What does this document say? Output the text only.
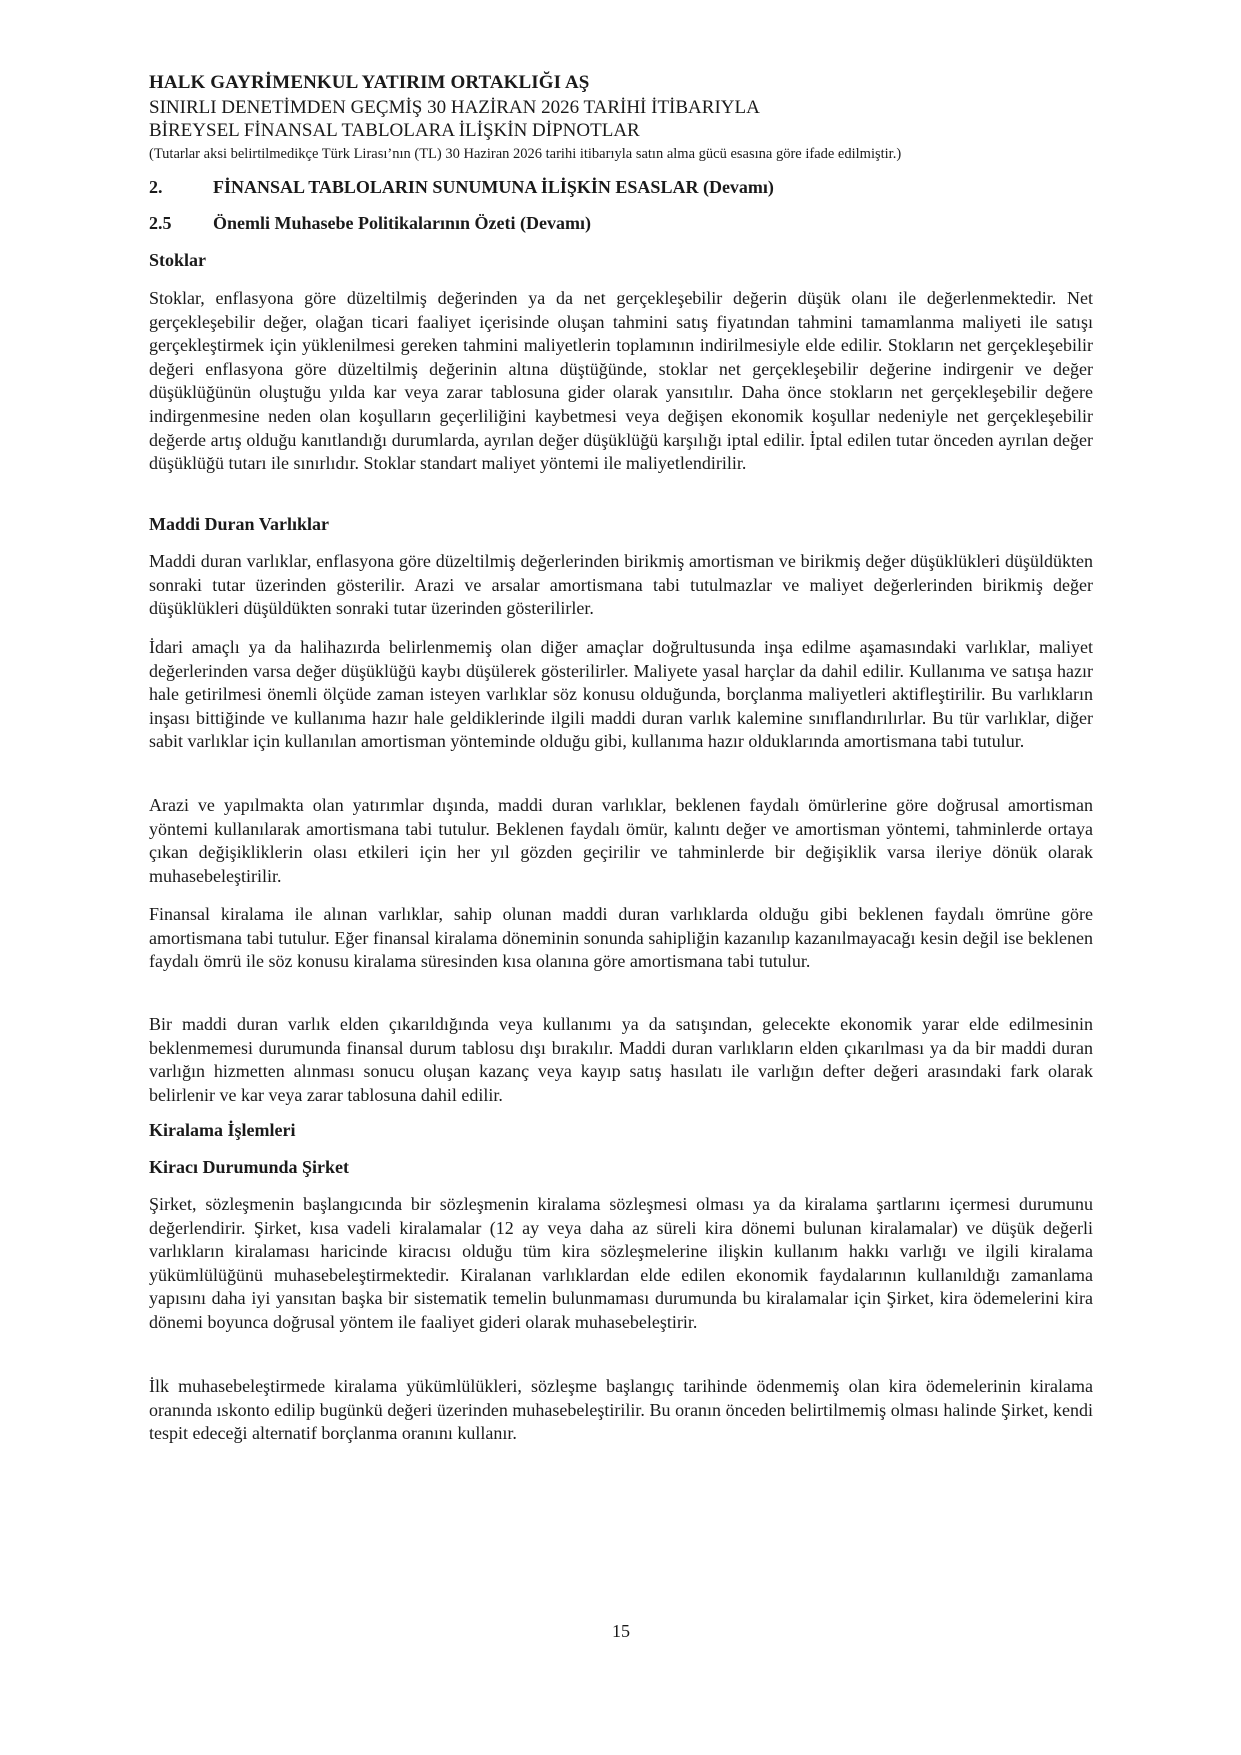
HALK GAYRİMENKUL YATIRIM ORTAKLIĞI AŞ
SINIRLI DENETİMDEN GEÇMİŞ 30 HAZİRAN 2026 TARİHİ İTİBARIYLA
BİREYSEL FİNANSAL TABLOLARA İLİŞKİN DİPNOTLAR
(Tutarlar aksi belirtilmedikçe Türk Lirası’nın (TL) 30 Haziran 2026 tarihi itibarıyla satın alma gücü esasına göre ifade edilmiştir.)
2.	FİNANSAL TABLOLARIN SUNUMUNA İLİŞKİN ESASLAR (Devamı)
2.5 Önemli Muhasebe Politikalarının Özeti (Devamı)
Stoklar

Stoklar, enflasyona göre düzeltilmiş değerinden ya da net gerçekleşebilir değerin düşük olanı ile değerlenmektedir. Net gerçekleşebilir değer, olağan ticari faaliyet içerisinde oluşan tahmini satış fiyatından tahmini tamamlanma maliyeti ile satışı gerçekleştirmek için yüklenilmesi gereken tahmini maliyetlerin toplamının indirilmesiyle elde edilir. Stokların net gerçekleşebilir değeri enflasyona göre düzeltilmiş değerinin altına düştüğünde, stoklar net gerçekleşebilir değerine indirgenir ve değer düşüklüğünün oluştuğu yılda kar veya zarar tablosuna gider olarak yansıtılır. Daha önce stokların net gerçekleşebilir değere indirgenmesine neden olan koşulların geçerliliğini kaybetmesi veya değişen ekonomik koşullar nedeniyle net gerçekleşebilir değerde artış olduğu kanıtlandığı durumlarda, ayrılan değer düşüklüğü karşılığı iptal edilir. İptal edilen tutar önceden ayrılan değer düşüklüğü tutarı ile sınırlıdır. Stoklar standart maliyet yöntemi ile maliyetlendirilir.

Maddi Duran Varlıklar

Maddi duran varlıklar, enflasyona göre düzeltilmiş değerlerinden birikmiş amortisman ve birikmiş değer düşüklükleri düşüldükten sonraki tutar üzerinden gösterilir. Arazi ve arsalar amortismana tabi tutulmazlar ve maliyet değerlerinden birikmiş değer düşüklükleri düşüldükten sonraki tutar üzerinden gösterilirler.

İdari amaçlı ya da halihazırda belirlenmemiş olan diğer amaçlar doğrultusunda inşa edilme aşamasındaki varlıklar, maliyet değerlerinden varsa değer düşüklüğü kaybı düşülerek gösterilirler. Maliyete yasal harçlar da dahil edilir. Kullanıma ve satışa hazır hale getirilmesi önemli ölçüde zaman isteyen varlıklar söz konusu olduğunda, borçlanma maliyetleri aktifleştirilir. Bu varlıkların inşası bittiğinde ve kullanıma hazır hale geldiklerinde ilgili maddi duran varlık kalemine sınıflandırılırlar. Bu tür varlıklar, diğer sabit varlıklar için kullanılan amortisman yönteminde olduğu gibi, kullanıma hazır olduklarında amortismana tabi tutulur.

Arazi ve yapılmakta olan yatırımlar dışında, maddi duran varlıklar, beklenen faydalı ömürlerine göre doğrusal amortisman yöntemi kullanılarak amortismana tabi tutulur. Beklenen faydalı ömür, kalıntı değer ve amortisman yöntemi, tahminlerde ortaya çıkan değişikliklerin olası etkileri için her yıl gözden geçirilir ve tahminlerde bir değişiklik varsa ileriye dönük olarak muhasebeleştirilir.

Finansal kiralama ile alınan varlıklar, sahip olunan maddi duran varlıklarda olduğu gibi beklenen faydalı ömrüne göre amortismana tabi tutulur. Eğer finansal kiralama döneminin sonunda sahipliğin kazanılıp kazanılmayacağı kesin değil ise beklenen faydalı ömrü ile söz konusu kiralama süresinden kısa olanına göre amortismana tabi tutulur.

Bir maddi duran varlık elden çıkarıldığında veya kullanımı ya da satışından, gelecekte ekonomik yarar elde edilmesinin beklenmemesi durumunda finansal durum tablosu dışı bırakılır. Maddi duran varlıkların elden çıkarılması ya da bir maddi duran varlığın hizmetten alınması sonucu oluşan kazanç veya kayıp satış hasılatı ile varlığın defter değeri arasındaki fark olarak belirlenir ve kar veya zarar tablosuna dahil edilir.

Kiralama İşlemleri
Kiracı Durumunda Şirket

Şirket, sözleşmenin başlangıcında bir sözleşmenin kiralama sözleşmesi olması ya da kiralama şartlarını içermesi durumunu değerlendirir. Şirket, kısa vadeli kiralamalar (12 ay veya daha az süreli kira dönemi bulunan kiralamalar) ve düşük değerli varlıkların kiralaması haricinde kiracısı olduğu tüm kira sözleşmelerine ilişkin kullanım hakkı varlığı ve ilgili kiralama yükümlülüğünü muhasebeleştirmektedir. Kiralanan varlıklardan elde edilen ekonomik faydalarının kullanıldığı zamanlama yapısını daha iyi yansıtan başka bir sistematik temelin bulunmaması durumunda bu kiralamalar için Şirket, kira ödemelerini kira dönemi boyunca doğrusal yöntem ile faaliyet gideri olarak muhasebeleştirir.

İlk muhasebeleştirmede kiralama yükümlülükleri, sözleşme başlangıç tarihinde ödenmemiş olan kira ödemelerinin kiralama oranında ıskonto edilip bugünkü değeri üzerinden muhasebeleştirilir. Bu oranın önceden belirtilmemiş olması halinde Şirket, kendi tespit edeceği alternatif borçlanma oranını kullanır.

15
